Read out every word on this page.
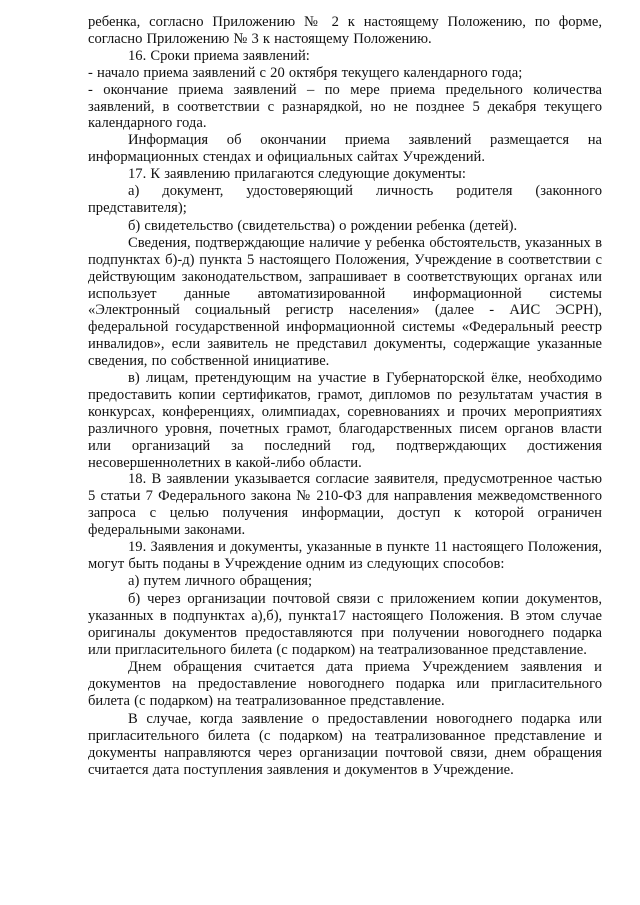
ребенка, согласно Приложению № 2 к настоящему Положению, по форме, согласно Приложению № 3 к настоящему Положению.

16. Сроки приема заявлений:

- начало приема заявлений с 20 октября текущего календарного года;

- окончание приема заявлений – по мере приема предельного количества заявлений, в соответствии с разнарядкой, но не позднее 5 декабря текущего календарного года.

Информация об окончании приема заявлений размещается на информационных стендах и официальных сайтах Учреждений.

17. К заявлению прилагаются следующие документы:

а) документ, удостоверяющий личность родителя (законного представителя);

б) свидетельство (свидетельства) о рождении ребенка (детей).

Сведения, подтверждающие наличие у ребенка обстоятельств, указанных в подпунктах б)-д) пункта 5 настоящего Положения, Учреждение в соответствии с действующим законодательством, запрашивает в соответствующих органах или использует данные автоматизированной информационной системы «Электронный социальный регистр населения» (далее - АИС ЭСРН), федеральной государственной информационной системы «Федеральный реестр инвалидов», если заявитель не представил документы, содержащие указанные сведения, по собственной инициативе.

в) лицам, претендующим на участие в Губернаторской ёлке, необходимо предоставить копии сертификатов, грамот, дипломов по результатам участия в конкурсах, конференциях, олимпиадах, соревнованиях и прочих мероприятиях различного уровня, почетных грамот, благодарственных писем органов власти или организаций за последний год, подтверждающих достижения несовершеннолетних в какой-либо области.

18. В заявлении указывается согласие заявителя, предусмотренное частью 5 статьи 7 Федерального закона № 210-ФЗ для направления межведомственного запроса с целью получения информации, доступ к которой ограничен федеральными законами.

19. Заявления и документы, указанные в пункте 11 настоящего Положения, могут быть поданы в Учреждение одним из следующих способов:

а) путем личного обращения;

б) через организации почтовой связи с приложением копии документов, указанных в подпунктах а),б), пункта17 настоящего Положения. В этом случае оригиналы документов предоставляются при получении новогоднего подарка или пригласительного билета (с подарком) на театрализованное представление.

Днем обращения считается дата приема Учреждением заявления и документов на предоставление новогоднего подарка или пригласительного билета (с подарком) на театрализованное представление.

В случае, когда заявление о предоставлении новогоднего подарка или пригласительного билета (с подарком) на театрализованное представление и документы направляются через организации почтовой связи, днем обращения считается дата поступления заявления и документов в Учреждение.
